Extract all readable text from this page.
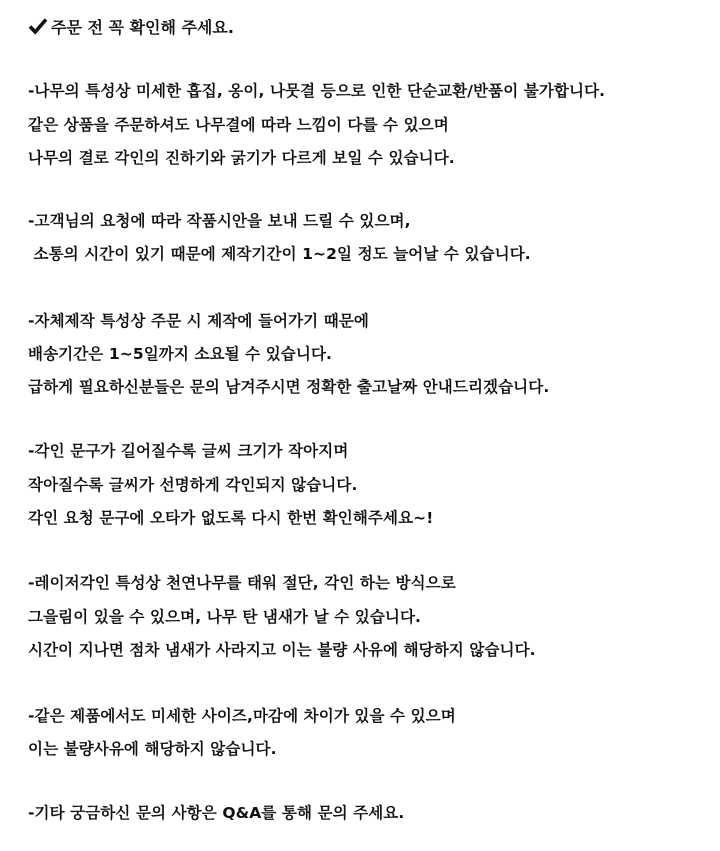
주문 전 꼭 확인해 주세요.
-나무의 특성상 미세한 흡집, 옹이, 나뭇결 등으로 인한 단순교환/반품이 불가합니다.
같은 상품을 주문하셔도 나무결에 따라 느낌이 다를 수 있으며
나무의 결로 각인의 진하기와 굵기가 다르게 보일 수 있습니다.
-고객님의 요청에 따라 작품시안을 보내 드릴 수 있으며,
소통의 시간이 있기 때문에 제작기간이 1~2일 정도 늘어날 수 있습니다.
-자체제작 특성상 주문 시 제작에 들어가기 때문에
배송기간은 1~5일까지 소요될 수 있습니다.
급하게 필요하신분들은 문의 남겨주시면 정확한 출고날짜 안내드리겠습니다.
-각인 문구가 길어질수록 글씨 크기가 작아지며
작아질수록 글씨가 선명하게 각인되지 않습니다.
각인 요청 문구에 오타가 없도록 다시 한번 확인해주세요~!
-레이저각인 특성상 천연나무를 태워 절단, 각인 하는 방식으로
그을림이 있을 수 있으며, 나무 탄 냄새가 날 수 있습니다.
시간이 지나면 점차 냄새가 사라지고 이는 불량 사유에 해당하지 않습니다.
-같은 제품에서도 미세한 사이즈,마감에 차이가 있을 수 있으며
이는 불량사유에 해당하지 않습니다.
-기타 궁금하신 문의 사항은 Q&A를 통해 문의 주세요.
